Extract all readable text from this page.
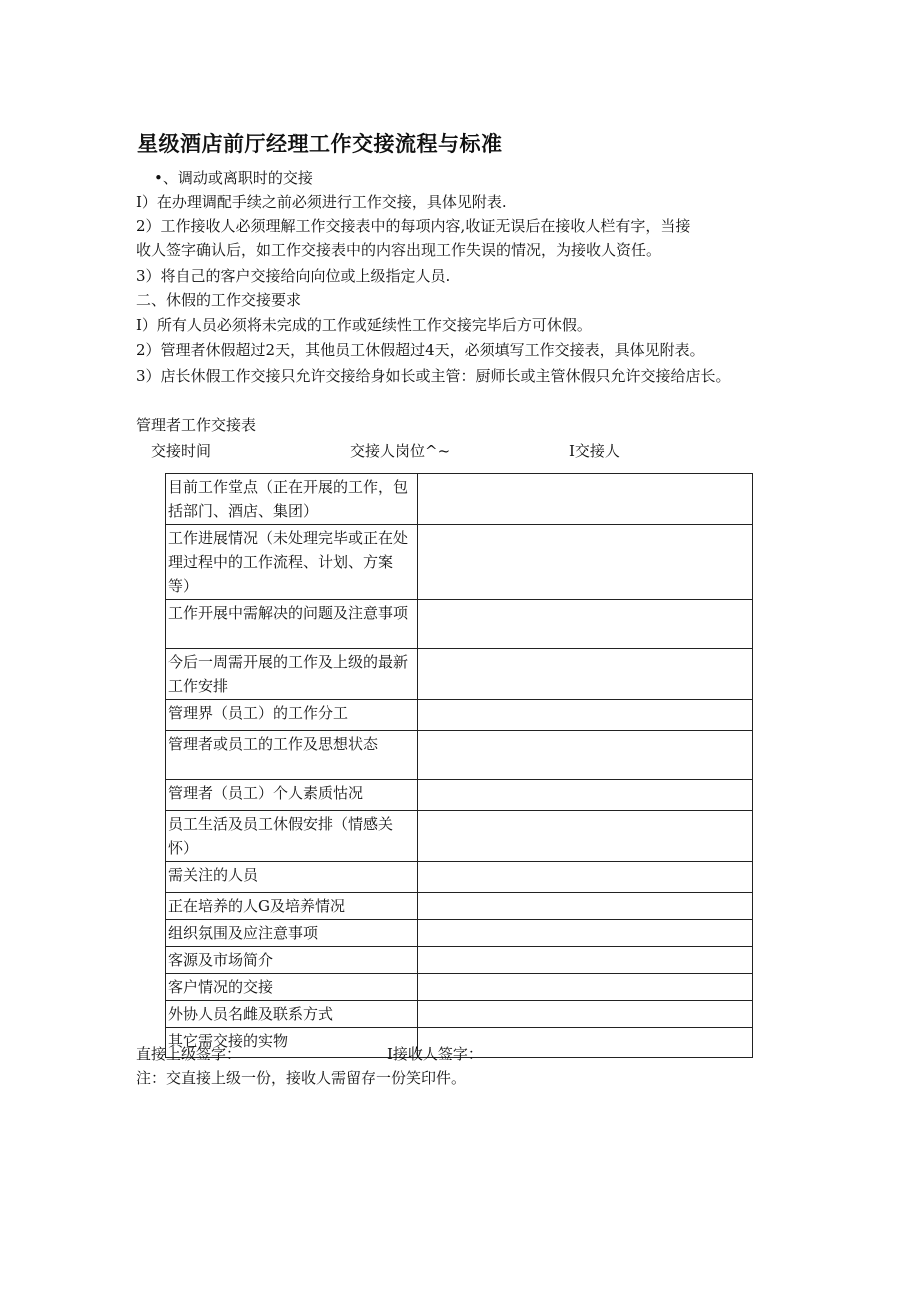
星级酒店前厅经理工作交接流程与标准
•、调动或离职时的交接
I）在办理调配手续之前必须进行工作交接，具体见附表.
2）工作接收人必须理解工作交接表中的每项内容,收证无误后在接收人栏有字，当接
收人签字确认后，如工作交接表中的内容出现工作失误的情况，为接收人资任。
3）将自己的客户交接给向向位或上级指定人员.
二、休假的工作交接要求
I）所有人员必须将未完成的工作或延续性工作交接完毕后方可休假。
2）管理者休假超过2天，其他员工休假超过4天，必须填写工作交接表，具体见附表。
3）店长休假工作交接只允许交接给身如长或主管：厨师长或主管休假只允许交接给店长。
管理者工作交接表
交接时间	交接人岗位^~	I交接人
目前工作堂点（正在开展的工作，包括部门、酒店、集团）	
工作进展情况（未处理完毕或正在处理过程中的工作流程、计划、方案等）	
工作开展中需解决的问题及注意事项	
今后一周需开展的工作及上级的最新工作安排	
管理界（员工）的工作分工	
管理者或员工的工作及思想状态	
管理者（员工）个人素质怙况	
员工生活及员工休假安排（情感关怀）	
需关注的人员	
正在培养的人G及培养情况	
组织氛围及应注意事项	
客源及市场简介	
客户情况的交接	
外协人员名雌及联系方式	
其它需交接的实物	
直接上级签字：	I接收人签字：
注：交直接上级一份，接收人需留存一份笑印件。
